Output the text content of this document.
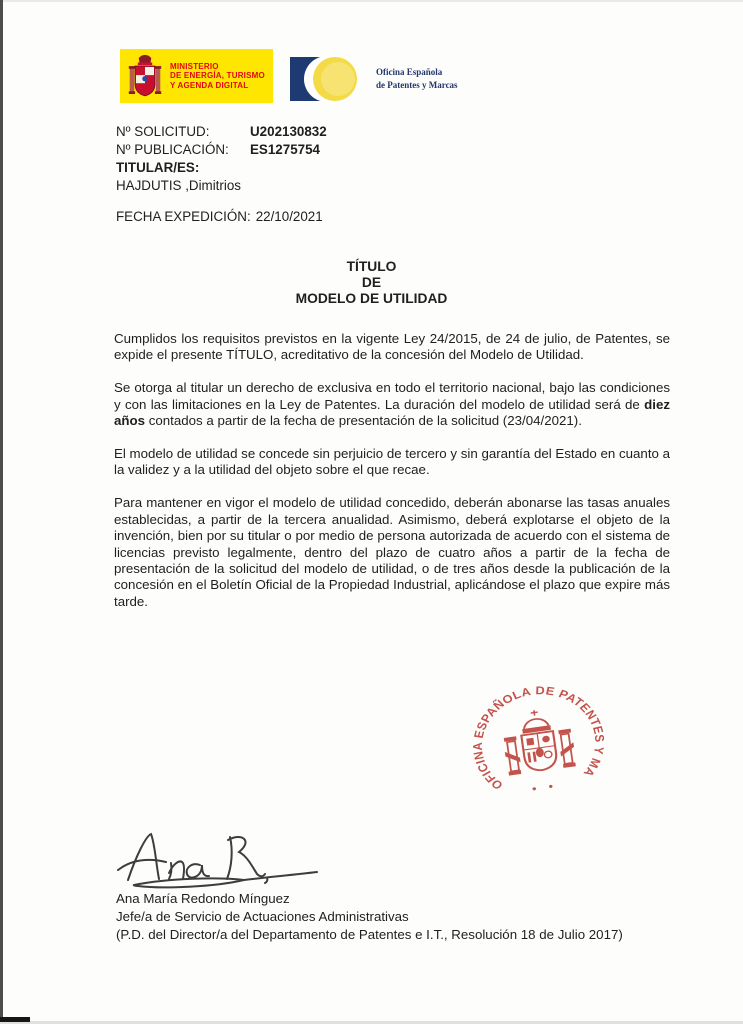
MINISTERIO
DE ENERGÍA, TURISMO
Y AGENDA DIGITAL
Oficina Española
de Patentes y Marcas
Nº SOLICITUD:	U202130832
Nº PUBLICACIÓN:	ES1275754
TITULAR/ES:
HAJDUTIS ,Dimitrios
FECHA EXPEDICIÓN: 22/10/2021
TÍTULO
DE
MODELO DE UTILIDAD

Cumplidos los requisitos previstos en la vigente Ley 24/2015, de 24 de julio, de Patentes, se expide el presente TÍTULO, acreditativo de la concesión del Modelo de Utilidad.

Se otorga al titular un derecho de exclusiva en todo el territorio nacional, bajo las condiciones y con las limitaciones en la Ley de Patentes. La duración del modelo de utilidad será de diez años contados a partir de la fecha de presentación de la solicitud (23/04/2021).

El modelo de utilidad se concede sin perjuicio de tercero y sin garantía del Estado en cuanto a la validez y a la utilidad del objeto sobre el que recae.

Para mantener en vigor el modelo de utilidad concedido, deberán abonarse las tasas anuales establecidas, a partir de la tercera anualidad. Asimismo, deberá explotarse el objeto de la invención, bien por su titular o por medio de persona autorizada de acuerdo con el sistema de licencias previsto legalmente, dentro del plazo de cuatro años a partir de la fecha de presentación de la solicitud del modelo de utilidad, o de tres años desde la publicación de la concesión en el Boletín Oficial de la Propiedad Industrial, aplicándose el plazo que expire más tarde.

OFICINA ESPAÑOLA DE PATENTES Y MARCAS
• •
Ana María Redondo Mínguez
Jefe/a de Servicio de Actuaciones Administrativas
(P.D. del Director/a del Departamento de Patentes e I.T., Resolución 18 de Julio 2017)
